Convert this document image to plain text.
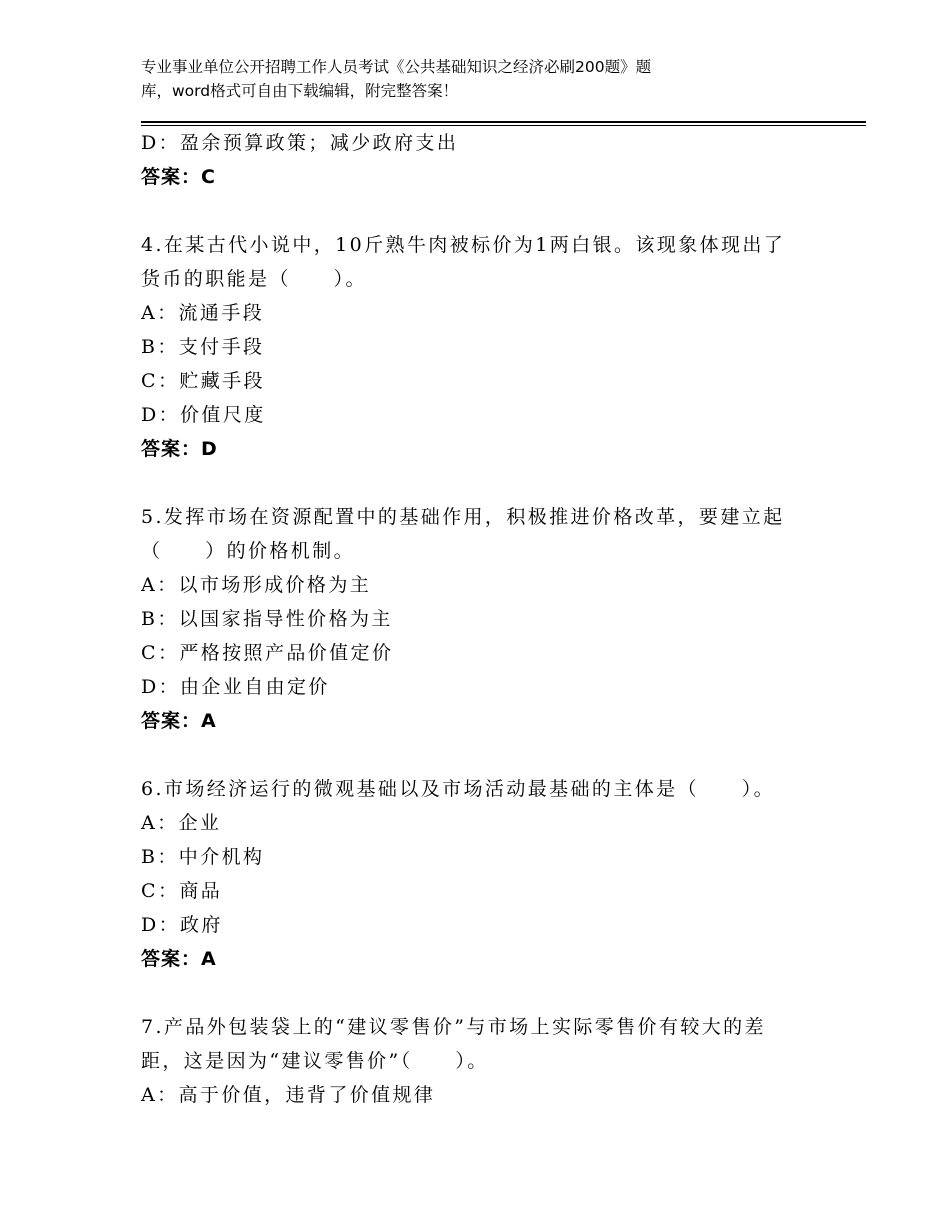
专业事业单位公开招聘工作人员考试《公共基础知识之经济必刷200题》题
库，word格式可自由下载编辑，附完整答案！
D：盈余预算政策；减少政府支出
答案：C
4.在某古代小说中，10斤熟牛肉被标价为1两白银。该现象体现出了
货币的职能是（　　）。
A：流通手段
B：支付手段
C：贮藏手段
D：价值尺度
答案：D
5.发挥市场在资源配置中的基础作用，积极推进价格改革，要建立起
（　　）的价格机制。
A：以市场形成价格为主
B：以国家指导性价格为主
C：严格按照产品价值定价
D：由企业自由定价
答案：A
6.市场经济运行的微观基础以及市场活动最基础的主体是（　　）。
A：企业
B：中介机构
C：商品
D：政府
答案：A
7.产品外包装袋上的“建议零售价”与市场上实际零售价有较大的差
距，这是因为“建议零售价”（　　）。
A：高于价值，违背了价值规律
